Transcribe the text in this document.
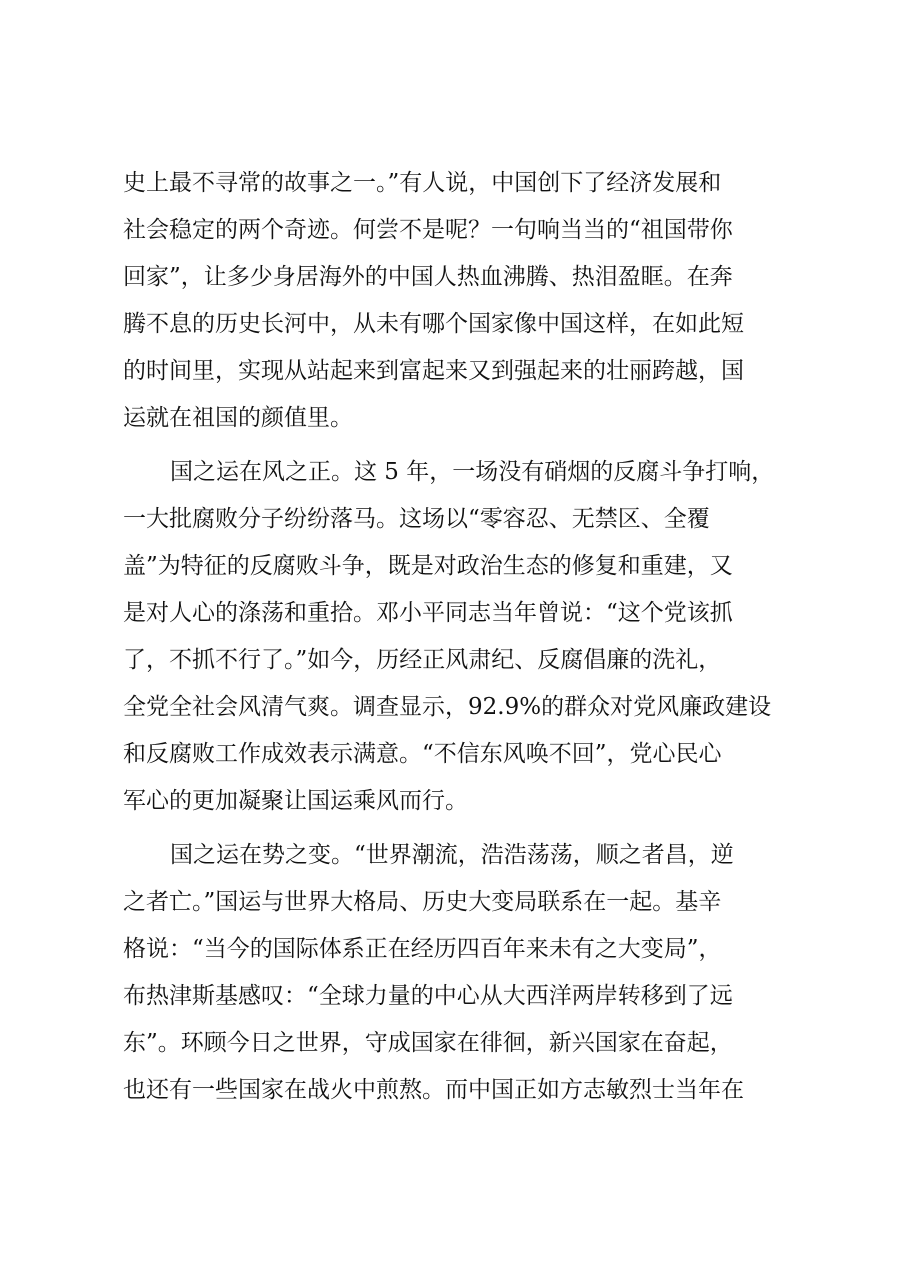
史上最不寻常的故事之一。”有人说，中国创下了经济发展和
社会稳定的两个奇迹。何尝不是呢？一句响当当的“祖国带你
回家”，让多少身居海外的中国人热血沸腾、热泪盈眶。在奔
腾不息的历史长河中，从未有哪个国家像中国这样，在如此短
的时间里，实现从站起来到富起来又到强起来的壮丽跨越，国
运就在祖国的颜值里。
国之运在风之正。这 5 年，一场没有硝烟的反腐斗争打响，
一大批腐败分子纷纷落马。这场以“零容忍、无禁区、全覆
盖”为特征的反腐败斗争，既是对政治生态的修复和重建，又
是对人心的涤荡和重拾。邓小平同志当年曾说：“这个党该抓
了，不抓不行了。”如今，历经正风肃纪、反腐倡廉的洗礼，
全党全社会风清气爽。调查显示，92.9%的群众对党风廉政建设
和反腐败工作成效表示满意。“不信东风唤不回”，党心民心
军心的更加凝聚让国运乘风而行。
国之运在势之变。“世界潮流，浩浩荡荡，顺之者昌，逆
之者亡。”国运与世界大格局、历史大变局联系在一起。基辛
格说：“当今的国际体系正在经历四百年来未有之大变局”，
布热津斯基感叹：“全球力量的中心从大西洋两岸转移到了远
东”。环顾今日之世界，守成国家在徘徊，新兴国家在奋起，
也还有一些国家在战火中煎熬。而中国正如方志敏烈士当年在
